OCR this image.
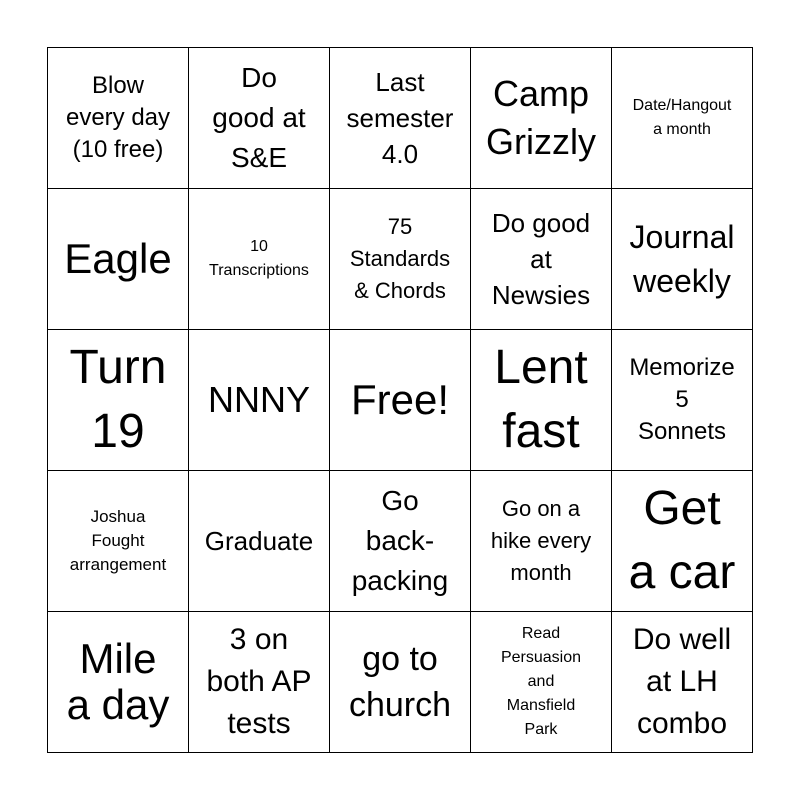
Blow
every day
(10 free)
Do
good at
S&E
Last
semester
4.0
Camp
Grizzly
Date/Hangout
a month
Eagle	10
Transcriptions
75
Standards
& Chords
Do good
at
Newsies
Journal
weekly
Turn
19
NNNY Free!
Lent
fast
Memorize
5
Sonnets
Joshua
Fought
arrangement
Graduate
Go
back-
packing
Go on a
hike every
month
Get
a car
Mile
a day
3 on
both AP
tests
go to
church
Read
Persuasion
and
Mansfield
Park
Do well
at LH
combo
